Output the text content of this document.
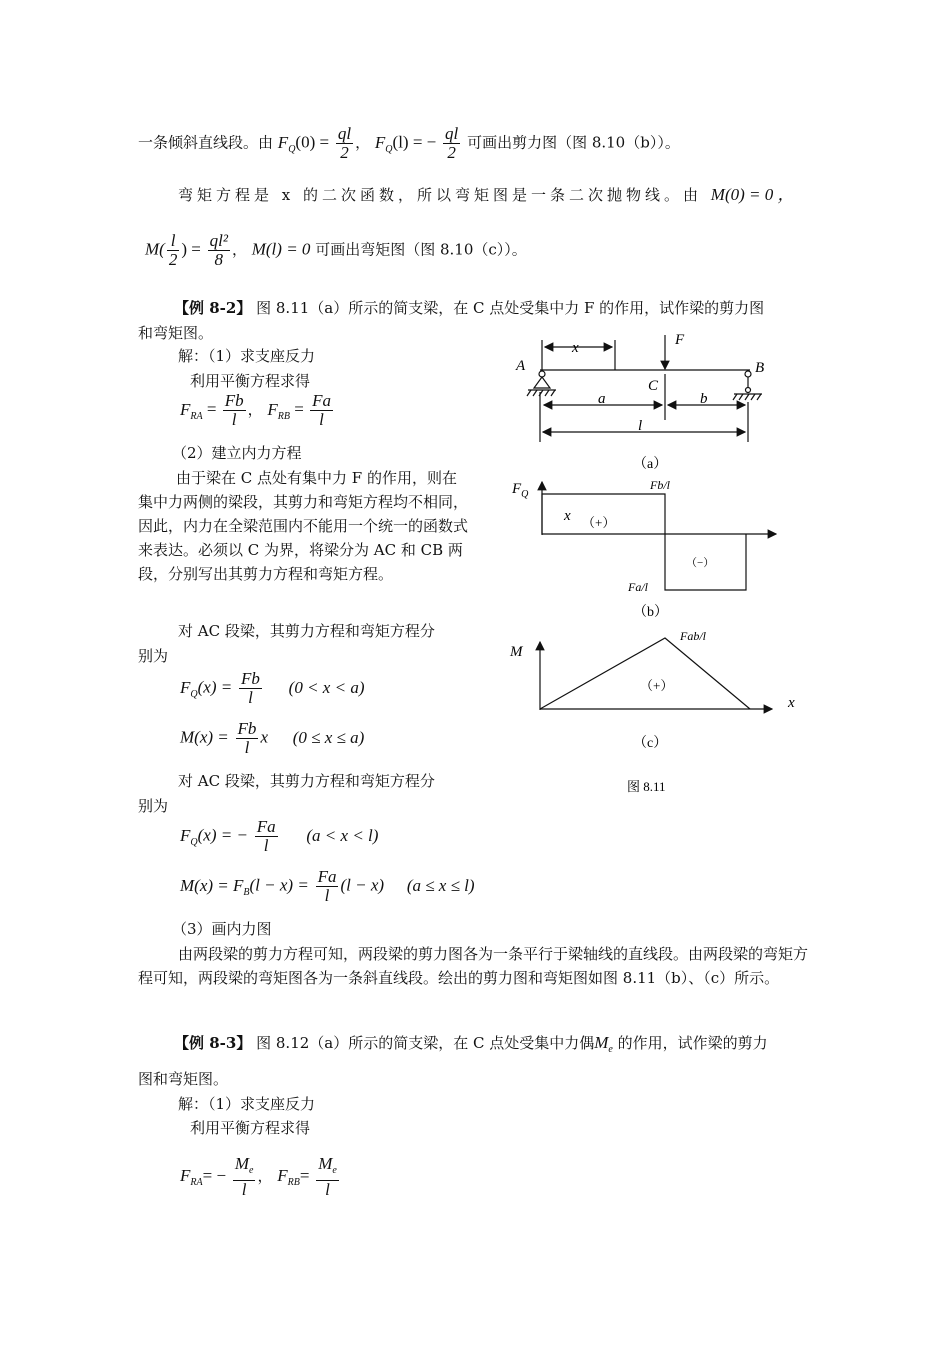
一条倾斜直线段。由 $F_Q(0) = \frac{ql}{2}$ ， $F_Q(l)$ = − $\frac{ql}{2}$ 可画出剪力图（图 8.10（b））。
弯矩方程是 x 的二次函数，所以弯矩图是一条二次抛物线。由 M(0) = 0 ，
$M( \frac{l}{2}$ ) = $\frac{\text{ql²}}{8}$ ， M(l) = 0 可画出弯矩图（图 8.10（c））。
【例 8-2】 图 8.11（a）所示的简支梁，在 C 点处受集中力 F 的作用，试作梁的剪力图
和弯矩图。
解：（1）求支座反力
利用平衡方程求得
$F_{RA} = \frac{Fb}{l}$ ， $F_{RB} = \frac{Fa}{l}$
（2）建立内力方程
由于梁在 C 点处有集中力 F 的作用，则在集中力两侧的梁段，其剪力和弯矩方程均不相同，因此，内力在全梁范围内不能用一个统一的函数式来表达。必须以 C 为界，将梁分为 AC 和 CB 两段，分别写出其剪力方程和弯矩方程。
对 AC 段梁，其剪力方程和弯矩方程分
别为
$F_Q(x) = \frac{Fb}{l} (0 < x < a)$
$M(x) = \frac{Fb}{l}$ x (0 ≤ x ≤ a)
对 AC 段梁，其剪力方程和弯矩方程分
别为
$F_Q(x)$ = − $\frac{Fa}{l} (a < x < l)$
$M(x) = F_B(l - x) = \frac{Fa}{l} (l - x) (a \le x \le l)$
（3）画内力图
由两段梁的剪力方程可知，两段梁的剪力图各为一条平行于梁轴线的直线段。由两段梁的弯矩方程可知，两段梁的弯矩图各为一条斜直线段。绘出的剪力图和弯矩图如图 8.11（b）、（c）所示。
x	F
A	B
C
a	b
l
（a）
$F_Q$
Fb/l
x （+）
（−）
Fa/l
（b）
Fab/l
M
（+）
x
（c）
图 8.11
【例 8-3】 图 8.12（a）所示的简支梁，在 C 点处受集中力偶$M_e$ 的作用，试作梁的剪力
图和弯矩图。
解：（1）求支座反力
利用平衡方程求得
$F_{RA}= - \frac{M_e}{l}$ ， $F_{RB}= \frac{M_e}{l}$
